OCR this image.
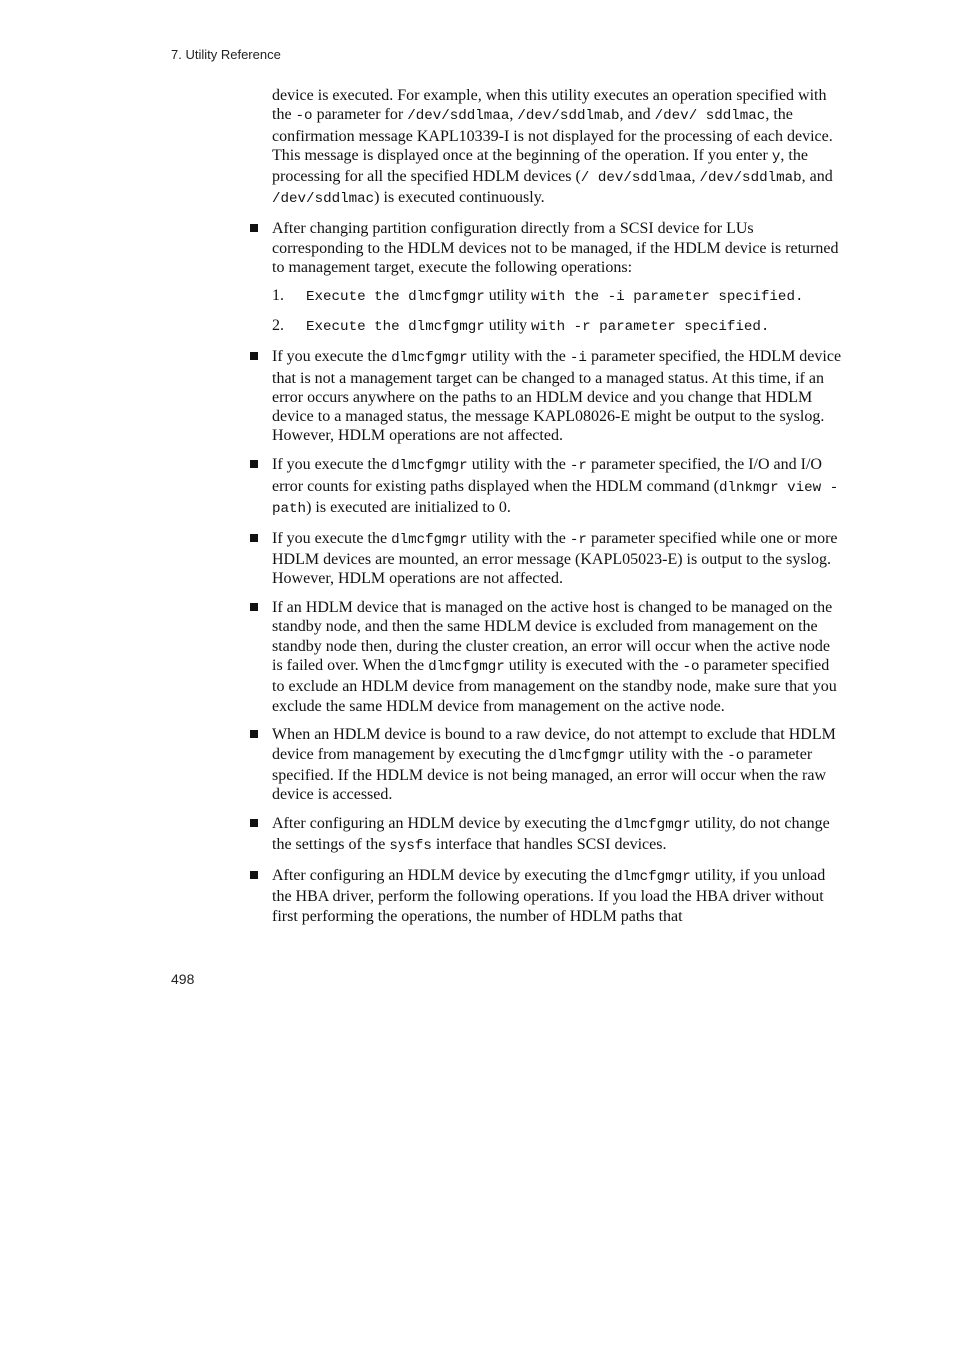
7. Utility Reference

device is executed. For example, when this utility executes an operation specified with the -o parameter for /dev/sddlmaa, /dev/sddlmab, and /dev/ sddlmac, the confirmation message KAPL10339-I is not displayed for the processing of each device. This message is displayed once at the beginning of the operation. If you enter y, the processing for all the specified HDLM devices (/ dev/sddlmaa, /dev/sddlmab, and /dev/sddlmac) is executed continuously.

After changing partition configuration directly from a SCSI device for LUs corresponding to the HDLM devices not to be managed, if the HDLM device is returned to management target, execute the following operations:
1. Execute the dlmcfgmgr utility with the -i parameter specified.
2. Execute the dlmcfgmgr utility with -r parameter specified.
If you execute the dlmcfgmgr utility with the -i parameter specified, the HDLM device that is not a management target can be changed to a managed status. At this time, if an error occurs anywhere on the paths to an HDLM device and you change that HDLM device to a managed status, the message KAPL08026-E might be output to the syslog. However, HDLM operations are not affected.
If you execute the dlmcfgmgr utility with the -r parameter specified, the I/O and I/O error counts for existing paths displayed when the HDLM command (dlnkmgr view -path) is executed are initialized to 0.
If you execute the dlmcfgmgr utility with the -r parameter specified while one or more HDLM devices are mounted, an error message (KAPL05023-E) is output to the syslog. However, HDLM operations are not affected.
If an HDLM device that is managed on the active host is changed to be managed on the standby node, and then the same HDLM device is excluded from management on the standby node then, during the cluster creation, an error will occur when the active node is failed over. When the dlmcfgmgr utility is executed with the -o parameter specified to exclude an HDLM device from management on the standby node, make sure that you exclude the same HDLM device from management on the active node.
When an HDLM device is bound to a raw device, do not attempt to exclude that HDLM device from management by executing the dlmcfgmgr utility with the -o parameter specified. If the HDLM device is not being managed, an error will occur when the raw device is accessed.
After configuring an HDLM device by executing the dlmcfgmgr utility, do not change the settings of the sysfs interface that handles SCSI devices.
After configuring an HDLM device by executing the dlmcfgmgr utility, if you unload the HBA driver, perform the following operations. If you load the HBA driver without first performing the operations, the number of HDLM paths that
498
